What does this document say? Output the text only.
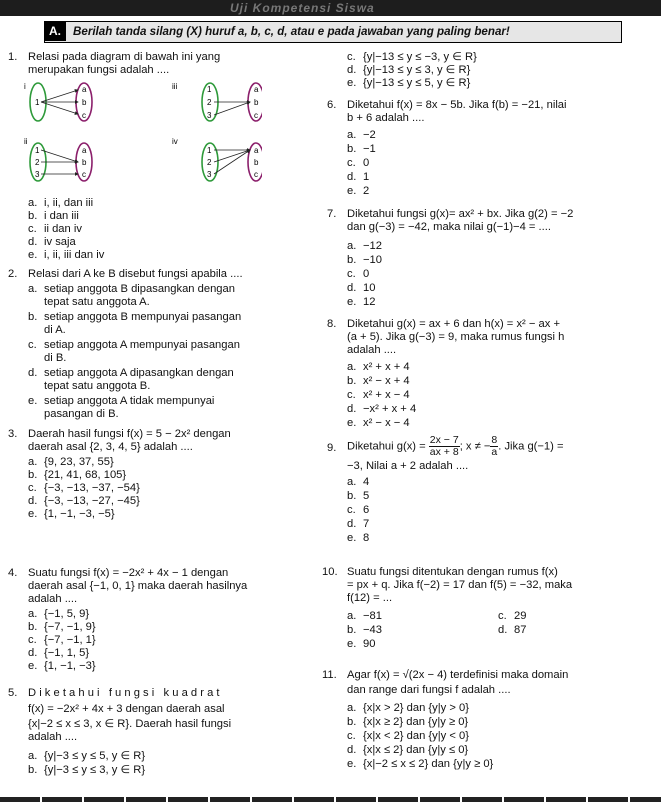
Uji Kompetensi Siswa
A.	Berilah tanda silang (X) huruf a, b, c, d, atau e pada jawaban yang paling benar!
1. Relasi pada diagram di bawah ini yang
merupakan fungsi adalah ....
i
1
a
b
c
iii	1
2
3
a
b
c
ii
1
2
3
a
b
c
iv
1
2
3
a
b
c
a. i, ii, dan iii
b. i dan iii
c. ii dan iv
d. iv saja
e. i, ii, iii dan iv
2. Relasi dari A ke B disebut fungsi apabila ....
a. setiap anggota B dipasangkan dengan
tepat satu anggota A.
b. setiap anggota B mempunyai pasangan
di A.
c. setiap anggota A mempunyai pasangan
di B.
d. setiap anggota A dipasangkan dengan
tepat satu anggota B.
e. setiap anggota A tidak mempunyai
pasangan di B.
3. Daerah hasil fungsi f(x) = 5 − 2x² dengan
daerah asal {2, 3, 4, 5} adalah ....
a. {9, 23, 37, 55}
b. {21, 41, 68, 105}
c. {−3, −13, −37, −54}
d. {−3, −13, −27, −45}
e. {1, −1, −3, −5}
4. Suatu fungsi f(x) = −2x² + 4x − 1 dengan
daerah asal {−1, 0, 1} maka daerah hasilnya
adalah ....
a. {−1, 5, 9}
b. {−7, −1, 9}
c. {−7, −1, 1}
d. {−1, 1, 5}
e. {1, −1, −3}
5. D i k e t a h u i   f u n g s i   k u a d r a t
f(x) = −2x² + 4x + 3 dengan daerah asal
{x|−2 ≤ x ≤ 3, x ∈ R}. Daerah hasil fungsi
adalah ....
a. {y|−3 ≤ y ≤ 5, y ∈ R}
b. {y|−3 ≤ y ≤ 3, y ∈ R}
c. {y|−13 ≤ y ≤ −3, y ∈ R}
d. {y|−13 ≤ y ≤ 3, y ∈ R}
e. {y|−13 ≤ y ≤ 5, y ∈ R}
6. Diketahui f(x) = 8x − 5b. Jika f(b) = −21, nilai
b + 6 adalah ....
a. −2
b. −1
c. 0
d. 1
e. 2
7. Diketahui fungsi g(x)= ax² + bx. Jika g(2) = −2
dan g(−3) = −42, maka nilai g(−1)−4 = ....
a. −12
b. −10
c. 0
d. 10
e. 12
8. Diketahui g(x) = ax + 6 dan h(x) = x² − ax +
(a + 5). Jika g(−3) = 9, maka rumus fungsi h
adalah ....
a. x² + x + 4
b. x² − x + 4
c. x² + x − 4
d. −x² + x + 4
e. x² − x − 4
9. Diketahui $g(x) = \frac{2x - 7}{ax + 8}$ ; x ≠ − $\frac{8}{a}$ . Jika g(−1) =
−3, Nilai a + 2 adalah ....
a. 4
b. 5
c. 6
d. 7
e. 8
10. Suatu fungsi ditentukan dengan rumus f(x)
= px + q. Jika f(−2) = 17 dan f(5) = −32, maka
f(12) = ...
a. −81
b. −43
c. 29
d. 87
e. 90
11. Agar f(x) = √(2x − 4) terdefinisi maka domain
dan range dari fungsi f adalah ....
a. {x|x > 2} dan {y|y > 0}
b. {x|x ≥ 2} dan {y|y ≥ 0}
c. {x|x < 2} dan {y|y < 0}
d. {x|x ≤ 2} dan {y|y ≤ 0}
e. {x|−2 ≤ x ≤ 2} dan {y|y ≥ 0}
